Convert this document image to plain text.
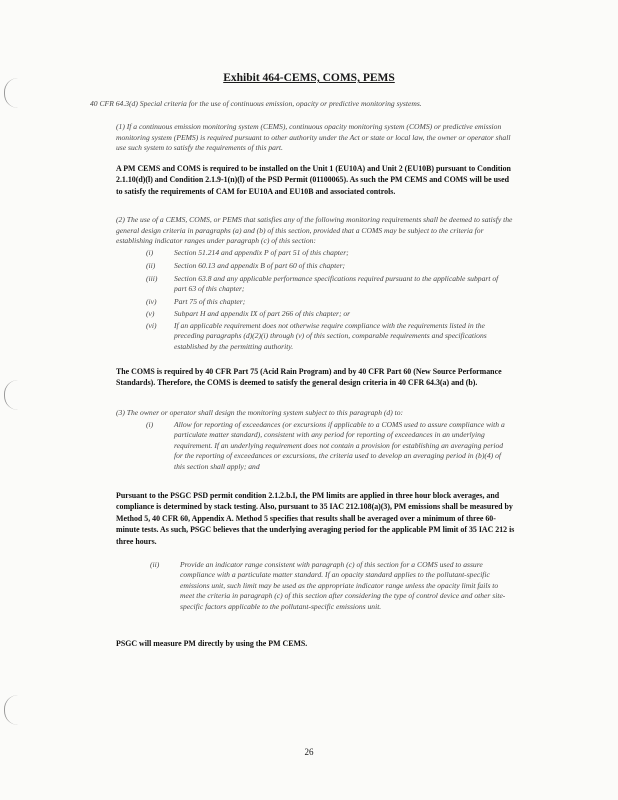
Exhibit 464-CEMS, COMS, PEMS
40 CFR 64.3(d) Special criteria for the use of continuous emission, opacity or predictive monitoring systems.
(1) If a continuous emission monitoring system (CEMS), continuous opacity monitoring system (COMS) or predictive emission monitoring system (PEMS) is required pursuant to other authority under the Act or state or local law, the owner or operator shall use such system to satisfy the requirements of this part.
A PM CEMS and COMS is required to be installed on the Unit 1 (EU10A) and Unit 2 (EU10B) pursuant to Condition 2.1.10(d)(l) and Condition 2.1.9-1(n)(l) of the PSD Permit (01100065). As such the PM CEMS and COMS will be used to satisfy the requirements of CAM for EU10A and EU10B and associated controls.
(2) The use of a CEMS, COMS, or PEMS that satisfies any of the following monitoring requirements shall be deemed to satisfy the general design criteria in paragraphs (a) and (b) of this section, provided that a COMS may be subject to the criteria for establishing indicator ranges under paragraph (c) of this section:
(i)	Section 51.214 and appendix P of part 51 of this chapter;
(ii) Section 60.13 and appendix B of part 60 of this chapter;
(iii) Section 63.8 and any applicable performance specifications required pursuant to the applicable subpart of part 63 of this chapter;
(iv) Part 75 of this chapter;
(v)	Subpart H and appendix IX of part 266 of this chapter; or
(vi) If an applicable requirement does not otherwise require compliance with the requirements listed in the preceding paragraphs (d)(2)(i) through (v) of this section, comparable requirements and specifications established by the permitting authority.
The COMS is required by 40 CFR Part 75 (Acid Rain Program) and by 40 CFR Part 60 (New Source Performance Standards). Therefore, the COMS is deemed to satisfy the general design criteria in 40 CFR 64.3(a) and (b).
(3) The owner or operator shall design the monitoring system subject to this paragraph (d) to:
(i)	Allow for reporting of exceedances (or excursions if applicable to a COMS used to assure compliance with a particulate matter standard), consistent with any period for reporting of exceedances in an underlying requirement. If an underlying requirement does not contain a provision for establishing an averaging period for the reporting of exceedances or excursions, the criteria used to develop an averaging period in (b)(4) of this section shall apply; and
Pursuant to the PSGC PSD permit condition 2.1.2.b.I, the PM limits are applied in three hour block averages, and compliance is determined by stack testing. Also, pursuant to 35 IAC 212.108(a)(3), PM emissions shall be measured by Method 5, 40 CFR 60, Appendix A. Method 5 specifies that results shall be averaged over a minimum of three 60-minute tests. As such, PSGC believes that the underlying averaging period for the applicable PM limit of 35 IAC 212 is three hours.
(ii)	Provide an indicator range consistent with paragraph (c) of this section for a COMS used to assure compliance with a particulate matter standard. If an opacity standard applies to the pollutant-specific emissions unit, such limit may be used as the appropriate indicator range unless the opacity limit fails to meet the criteria in paragraph (c) of this section after considering the type of control device and other site-specific factors applicable to the pollutant-specific emissions unit.
PSGC will measure PM directly by using the PM CEMS.
26
